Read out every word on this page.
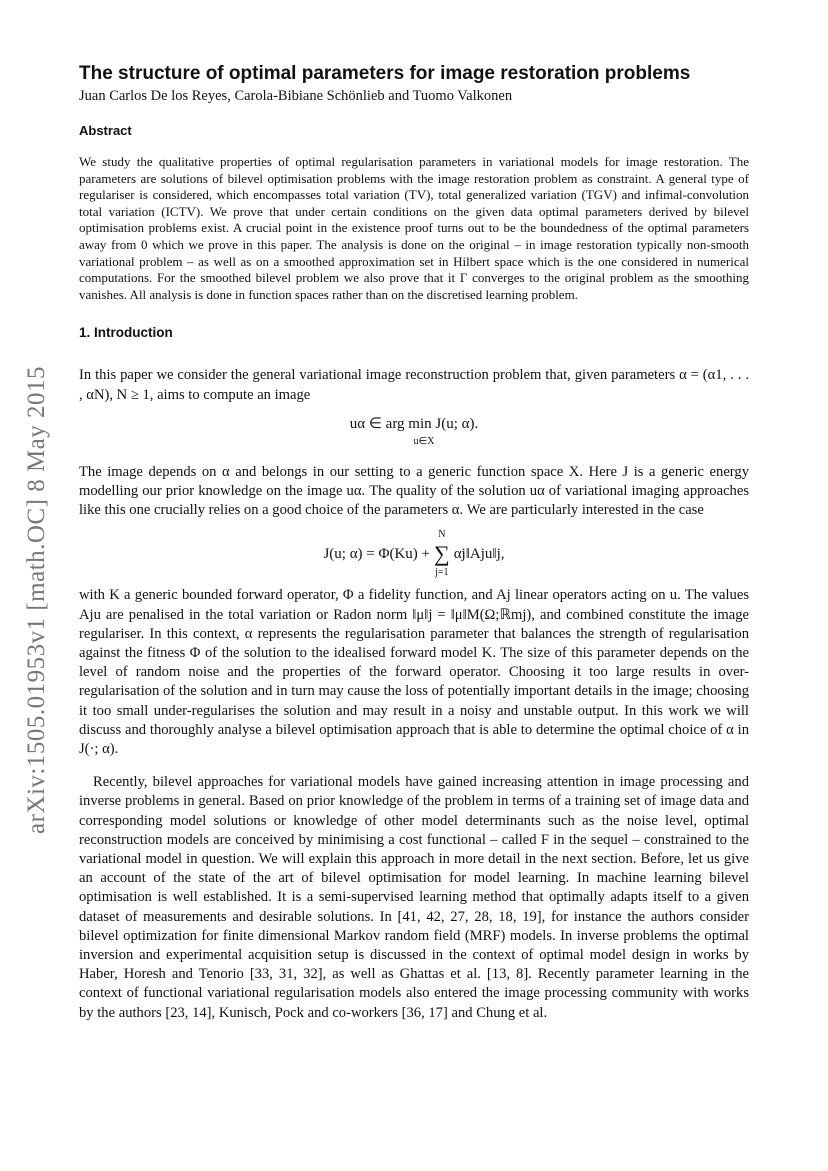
arXiv:1505.01953v1 [math.OC] 8 May 2015
The structure of optimal parameters for image restoration problems

Juan Carlos De los Reyes, Carola-Bibiane Schönlieb and Tuomo Valkonen

Abstract

We study the qualitative properties of optimal regularisation parameters in variational models for image restoration. The parameters are solutions of bilevel optimisation problems with the image restoration problem as constraint. A general type of regulariser is considered, which encompasses total variation (TV), total generalized variation (TGV) and infimal-convolution total variation (ICTV). We prove that under certain conditions on the given data optimal parameters derived by bilevel optimisation problems exist. A crucial point in the existence proof turns out to be the boundedness of the optimal parameters away from 0 which we prove in this paper. The analysis is done on the original – in image restoration typically non-smooth variational problem – as well as on a smoothed approximation set in Hilbert space which is the one considered in numerical computations. For the smoothed bilevel problem we also prove that it Γ converges to the original problem as the smoothing vanishes. All analysis is done in function spaces rather than on the discretised learning problem.

1. Introduction

In this paper we consider the general variational image reconstruction problem that, given parameters α = (α1, . . . , αN), N ≥ 1, aims to compute an image

uα ∈ arg min J(u; α).
u∈X

The image depends on α and belongs in our setting to a generic function space X. Here J is a generic energy modelling our prior knowledge on the image uα. The quality of the solution uα of variational imaging approaches like this one crucially relies on a good choice of the parameters α. We are particularly interested in the case

J(u; α) = Φ(Ku) +
N
∑
j=1
αj‖Aju‖j,

with K a generic bounded forward operator, Φ a fidelity function, and Aj linear operators acting on u. The values Aju are penalised in the total variation or Radon norm ‖μ‖j = ‖μ‖M(Ω;ℝmj), and combined constitute the image regulariser. In this context, α represents the regularisation parameter that balances the strength of regularisation against the fitness Φ of the solution to the idealised forward model K. The size of this parameter depends on the level of random noise and the properties of the forward operator. Choosing it too large results in over-regularisation of the solution and in turn may cause the loss of potentially important details in the image; choosing it too small under-regularises the solution and may result in a noisy and unstable output. In this work we will discuss and thoroughly analyse a bilevel optimisation approach that is able to determine the optimal choice of α in J(·; α).

Recently, bilevel approaches for variational models have gained increasing attention in image processing and inverse problems in general. Based on prior knowledge of the problem in terms of a training set of image data and corresponding model solutions or knowledge of other model determinants such as the noise level, optimal reconstruction models are conceived by minimising a cost functional – called F in the sequel – constrained to the variational model in question. We will explain this approach in more detail in the next section. Before, let us give an account of the state of the art of bilevel optimisation for model learning. In machine learning bilevel optimisation is well established. It is a semi-supervised learning method that optimally adapts itself to a given dataset of measurements and desirable solutions. In [41, 42, 27, 28, 18, 19], for instance the authors consider bilevel optimization for finite dimensional Markov random field (MRF) models. In inverse problems the optimal inversion and experimental acquisition setup is discussed in the context of optimal model design in works by Haber, Horesh and Tenorio [33, 31, 32], as well as Ghattas et al. [13, 8]. Recently parameter learning in the context of functional variational regularisation models also entered the image processing community with works by the authors [23, 14], Kunisch, Pock and co-workers [36, 17] and Chung et al.
